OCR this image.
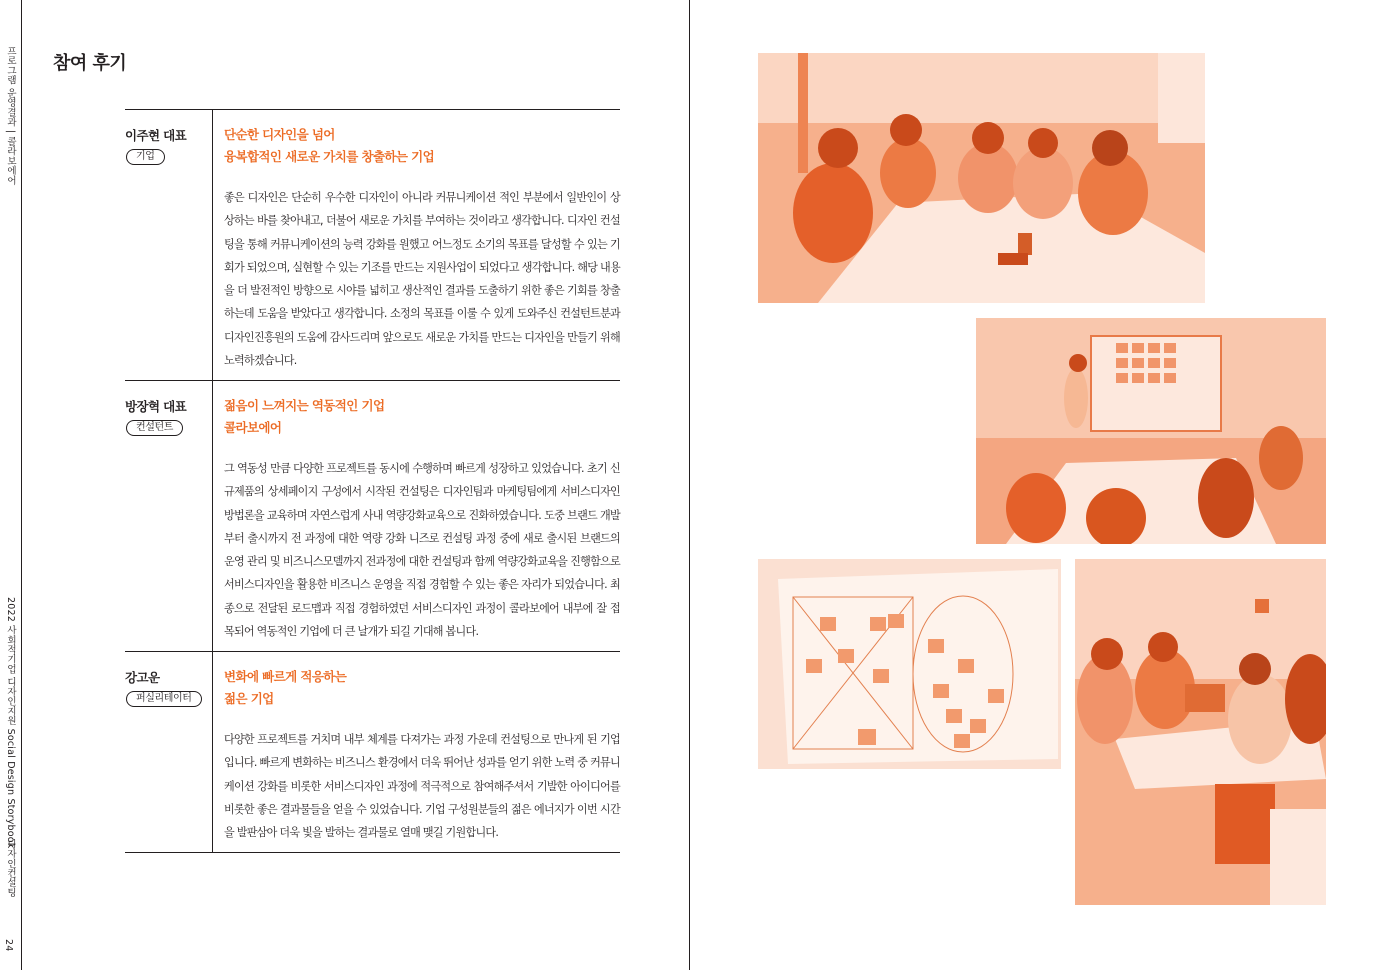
프로그램 운영결과 | 콜라보에어
2022 사회적기업 디자인지원 Social Design Storybook
디자인컨설팅
24
참여 후기
이주현 대표
기업
단순한 디자인을 넘어
융복합적인 새로운 가치를 창출하는 기업

좋은 디자인은 단순히 우수한 디자인이 아니라 커뮤니케이션 적인 부분에서 일반인이 상상하는 바를 찾아내고, 더불어 새로운 가치를 부여하는 것이라고 생각합니다. 디자인 컨설팅을 통해 커뮤니케이션의 능력 강화를 원했고 어느정도 소기의 목표를 달성할 수 있는 기회가 되었으며, 실현할 수 있는 기조를 만드는 지원사업이 되었다고 생각합니다. 해당 내용을 더 발전적인 방향으로 시야를 넓히고 생산적인 결과를 도출하기 위한 좋은 기회를 창출하는데 도움을 받았다고 생각합니다. 소정의 목표를 이룰 수 있게 도와주신 컨설턴트분과 디자인진흥원의 도움에 감사드리며 앞으로도 새로운 가치를 만드는 디자인을 만들기 위해 노력하겠습니다.

방장혁 대표
컨설턴트
젊음이 느껴지는 역동적인 기업
콜라보에어

그 역동성 만큼 다양한 프로젝트를 동시에 수행하며 빠르게 성장하고 있었습니다. 초기 신규제품의 상세페이지 구성에서 시작된 컨설팅은 디자인팀과 마케팅팀에게 서비스디자인 방법론을 교육하며 자연스럽게 사내 역량강화교육으로 진화하였습니다. 도중 브랜드 개발부터 출시까지 전 과정에 대한 역량 강화 니즈로 컨설팅 과정 중에 새로 출시된 브랜드의 운영 관리 및 비즈니스모델까지 전과정에 대한 컨설팅과 함께 역량강화교육을 진행함으로 서비스디자인을 활용한 비즈니스 운영을 직접 경험할 수 있는 좋은 자리가 되었습니다. 최종으로 전달된 로드맵과 직접 경험하였던 서비스디자인 과정이 콜라보에어 내부에 잘 접목되어 역동적인 기업에 더 큰 날개가 되길 기대해 봅니다.

강고운
퍼실리테이터
변화에 빠르게 적응하는
젊은 기업

다양한 프로젝트를 거치며 내부 체계를 다져가는 과정 가운데 컨설팅으로 만나게 된 기업입니다. 빠르게 변화하는 비즈니스 환경에서 더욱 뛰어난 성과를 얻기 위한 노력 중 커뮤니케이션 강화를 비롯한 서비스디자인 과정에 적극적으로 참여해주셔서 기발한 아이디어를 비롯한 좋은 결과물들을 얻을 수 있었습니다. 기업 구성원분들의 젊은 에너지가 이번 시간을 발판삼아 더욱 빛을 발하는 결과물로 열매 맺길 기원합니다.
